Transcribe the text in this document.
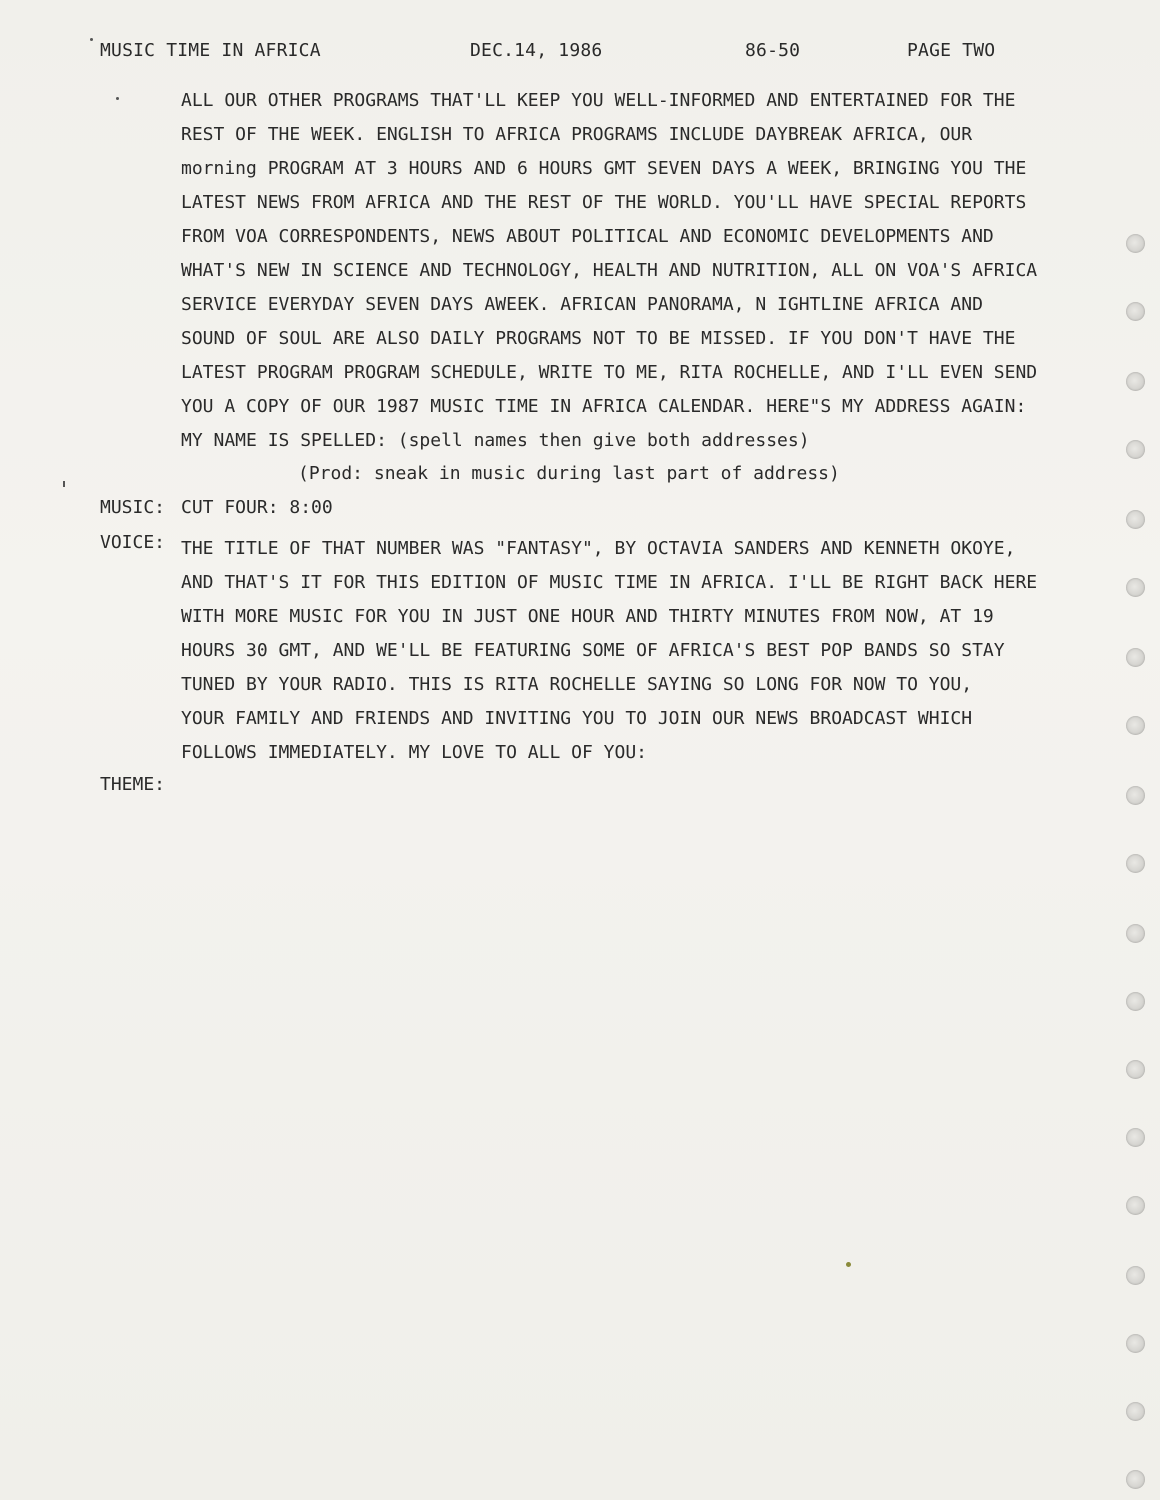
MUSIC TIME IN AFRICA	DEC.14, 1986	86-50	PAGE TWO
ALL OUR OTHER PROGRAMS THAT'LL KEEP YOU WELL-INFORMED AND ENTERTAINED FOR THE
REST OF THE WEEK. ENGLISH TO AFRICA PROGRAMS INCLUDE DAYBREAK AFRICA, OUR
morning PROGRAM AT 3 HOURS AND 6 HOURS GMT SEVEN DAYS A WEEK, BRINGING YOU THE
LATEST NEWS FROM AFRICA AND THE REST OF THE WORLD. YOU'LL HAVE SPECIAL REPORTS
FROM VOA CORRESPONDENTS, NEWS ABOUT POLITICAL AND ECONOMIC DEVELOPMENTS AND
WHAT'S NEW IN SCIENCE AND TECHNOLOGY, HEALTH AND NUTRITION, ALL ON VOA'S AFRICA
SERVICE EVERYDAY SEVEN DAYS AWEEK. AFRICAN PANORAMA, N IGHTLINE AFRICA AND
SOUND OF SOUL ARE ALSO DAILY PROGRAMS NOT TO BE MISSED. IF YOU DON'T HAVE THE
LATEST PROGRAM PROGRAM SCHEDULE, WRITE TO ME, RITA ROCHELLE, AND I'LL EVEN SEND
YOU A COPY OF OUR 1987 MUSIC TIME IN AFRICA CALENDAR. HERE"S MY ADDRESS AGAIN:
MY NAME IS SPELLED: (spell names then give both addresses)
(Prod: sneak in music during last part of address)
MUSIC: CUT FOUR: 8:00
VOICE: THE TITLE OF THAT NUMBER WAS "FANTASY", BY OCTAVIA SANDERS AND KENNETH OKOYE,
AND THAT'S IT FOR THIS EDITION OF MUSIC TIME IN AFRICA. I'LL BE RIGHT BACK HERE
WITH MORE MUSIC FOR YOU IN JUST ONE HOUR AND THIRTY MINUTES FROM NOW, AT 19
HOURS 30 GMT, AND WE'LL BE FEATURING SOME OF AFRICA'S BEST POP BANDS SO STAY
TUNED BY YOUR RADIO. THIS IS RITA ROCHELLE SAYING SO LONG FOR NOW TO YOU,
YOUR FAMILY AND FRIENDS AND INVITING YOU TO JOIN OUR NEWS BROADCAST WHICH
FOLLOWS IMMEDIATELY. MY LOVE TO ALL OF YOU:
THEME:
